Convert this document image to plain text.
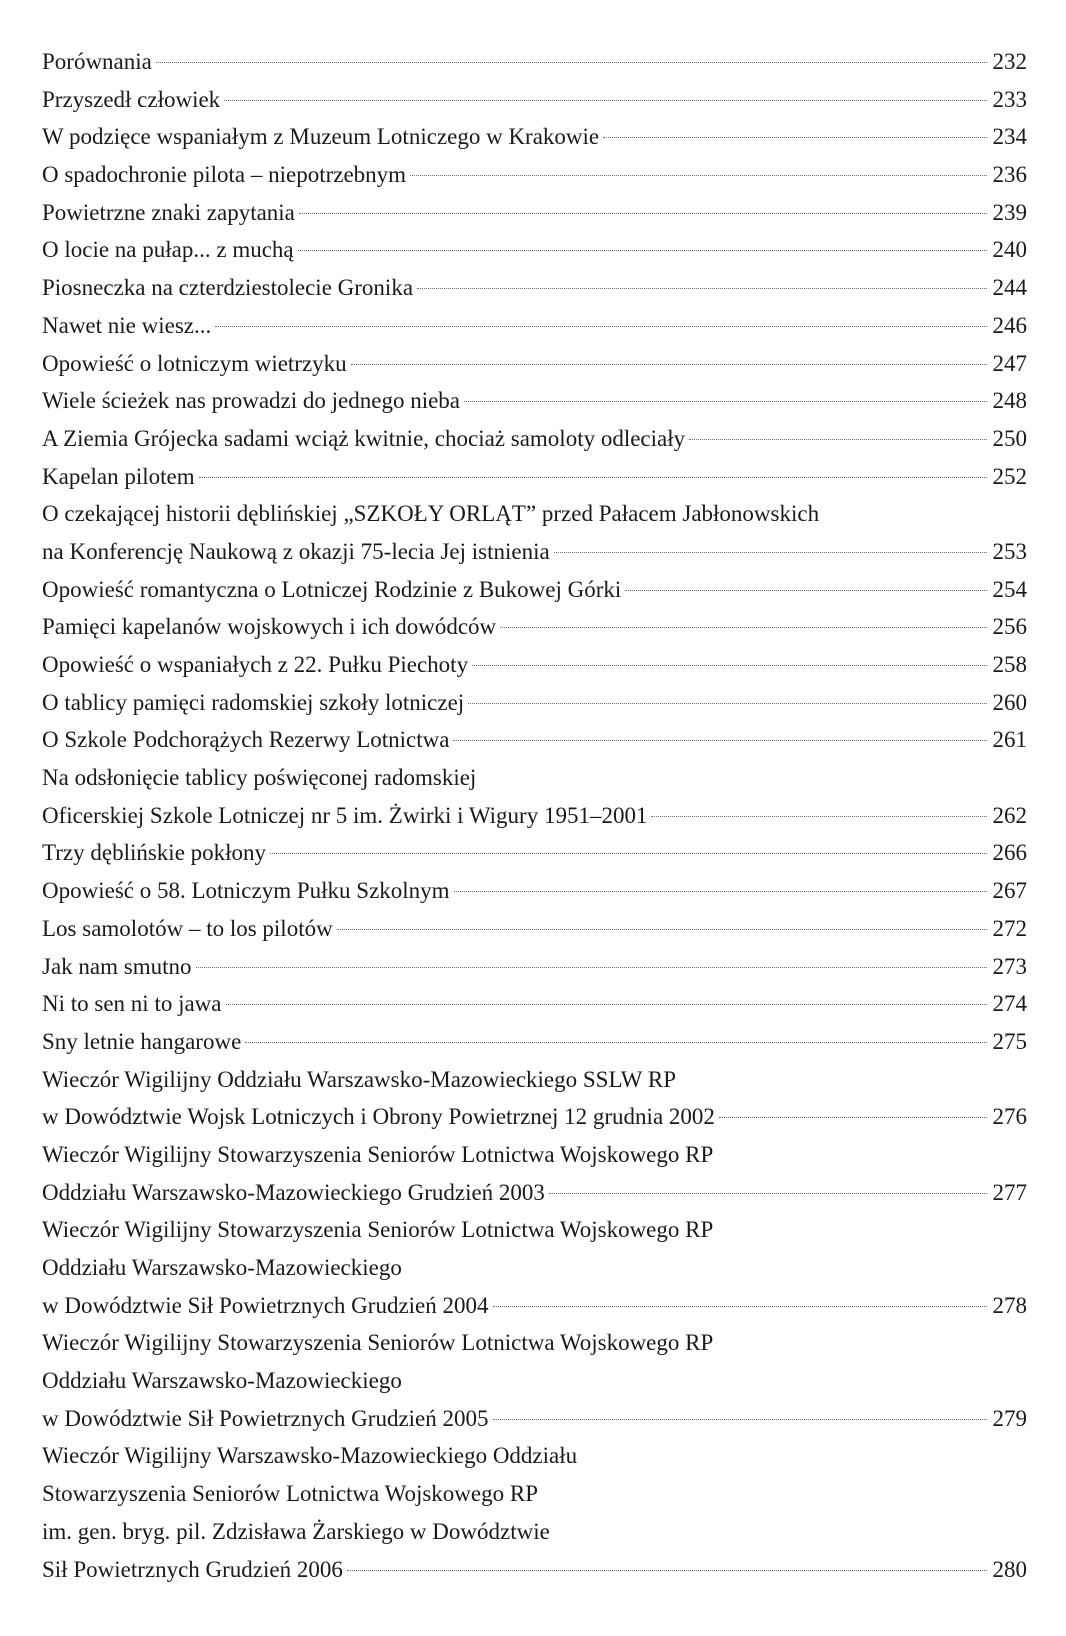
Porównania	232
Przyszedł człowiek	233
W podzięce wspaniałym z Muzeum Lotniczego w Krakowie	234
O spadochronie pilota – niepotrzebnym	236
Powietrzne znaki zapytania	239
O locie na pułap... z muchą	240
Piosneczka na czterdziestolecie Gronika	244
Nawet nie wiesz...	246
Opowieść o lotniczym wietrzyku	247
Wiele ścieżek nas prowadzi do jednego nieba	248
A Ziemia Grójecka sadami wciąż kwitnie, chociaż samoloty odleciały	250
Kapelan pilotem	252
O czekającej historii dęblińskiej „SZKOŁY ORLĄT” przed Pałacem Jabłonowskich
na Konferencję Naukową z okazji 75-lecia Jej istnienia	253
Opowieść romantyczna o Lotniczej Rodzinie z Bukowej Górki	254
Pamięci kapelanów wojskowych i ich dowódców	256
Opowieść o wspaniałych z 22. Pułku Piechoty	258
O tablicy pamięci radomskiej szkoły lotniczej	260
O Szkole Podchorążych Rezerwy Lotnictwa	261
Na odsłonięcie tablicy poświęconej radomskiej
Oficerskiej Szkole Lotniczej nr 5 im. Żwirki i Wigury 1951–2001	262
Trzy dęblińskie pokłony	266
Opowieść o 58. Lotniczym Pułku Szkolnym	267
Los samolotów – to los pilotów	272
Jak nam smutno	273
Ni to sen ni to jawa	274
Sny letnie hangarowe	275
Wieczór Wigilijny Oddziału Warszawsko-Mazowieckiego SSLW RP
w Dowództwie Wojsk Lotniczych i Obrony Powietrznej 12 grudnia 2002	276
Wieczór Wigilijny Stowarzyszenia Seniorów Lotnictwa Wojskowego RP
Oddziału Warszawsko-Mazowieckiego Grudzień 2003	277
Wieczór Wigilijny Stowarzyszenia Seniorów Lotnictwa Wojskowego RP
Oddziału Warszawsko-Mazowieckiego
w Dowództwie Sił Powietrznych Grudzień 2004	278
Wieczór Wigilijny Stowarzyszenia Seniorów Lotnictwa Wojskowego RP
Oddziału Warszawsko-Mazowieckiego
w Dowództwie Sił Powietrznych Grudzień 2005	279
Wieczór Wigilijny Warszawsko-Mazowieckiego Oddziału
Stowarzyszenia Seniorów Lotnictwa Wojskowego RP
im. gen. bryg. pil. Zdzisława Żarskiego w Dowództwie
Sił Powietrznych Grudzień 2006	280
